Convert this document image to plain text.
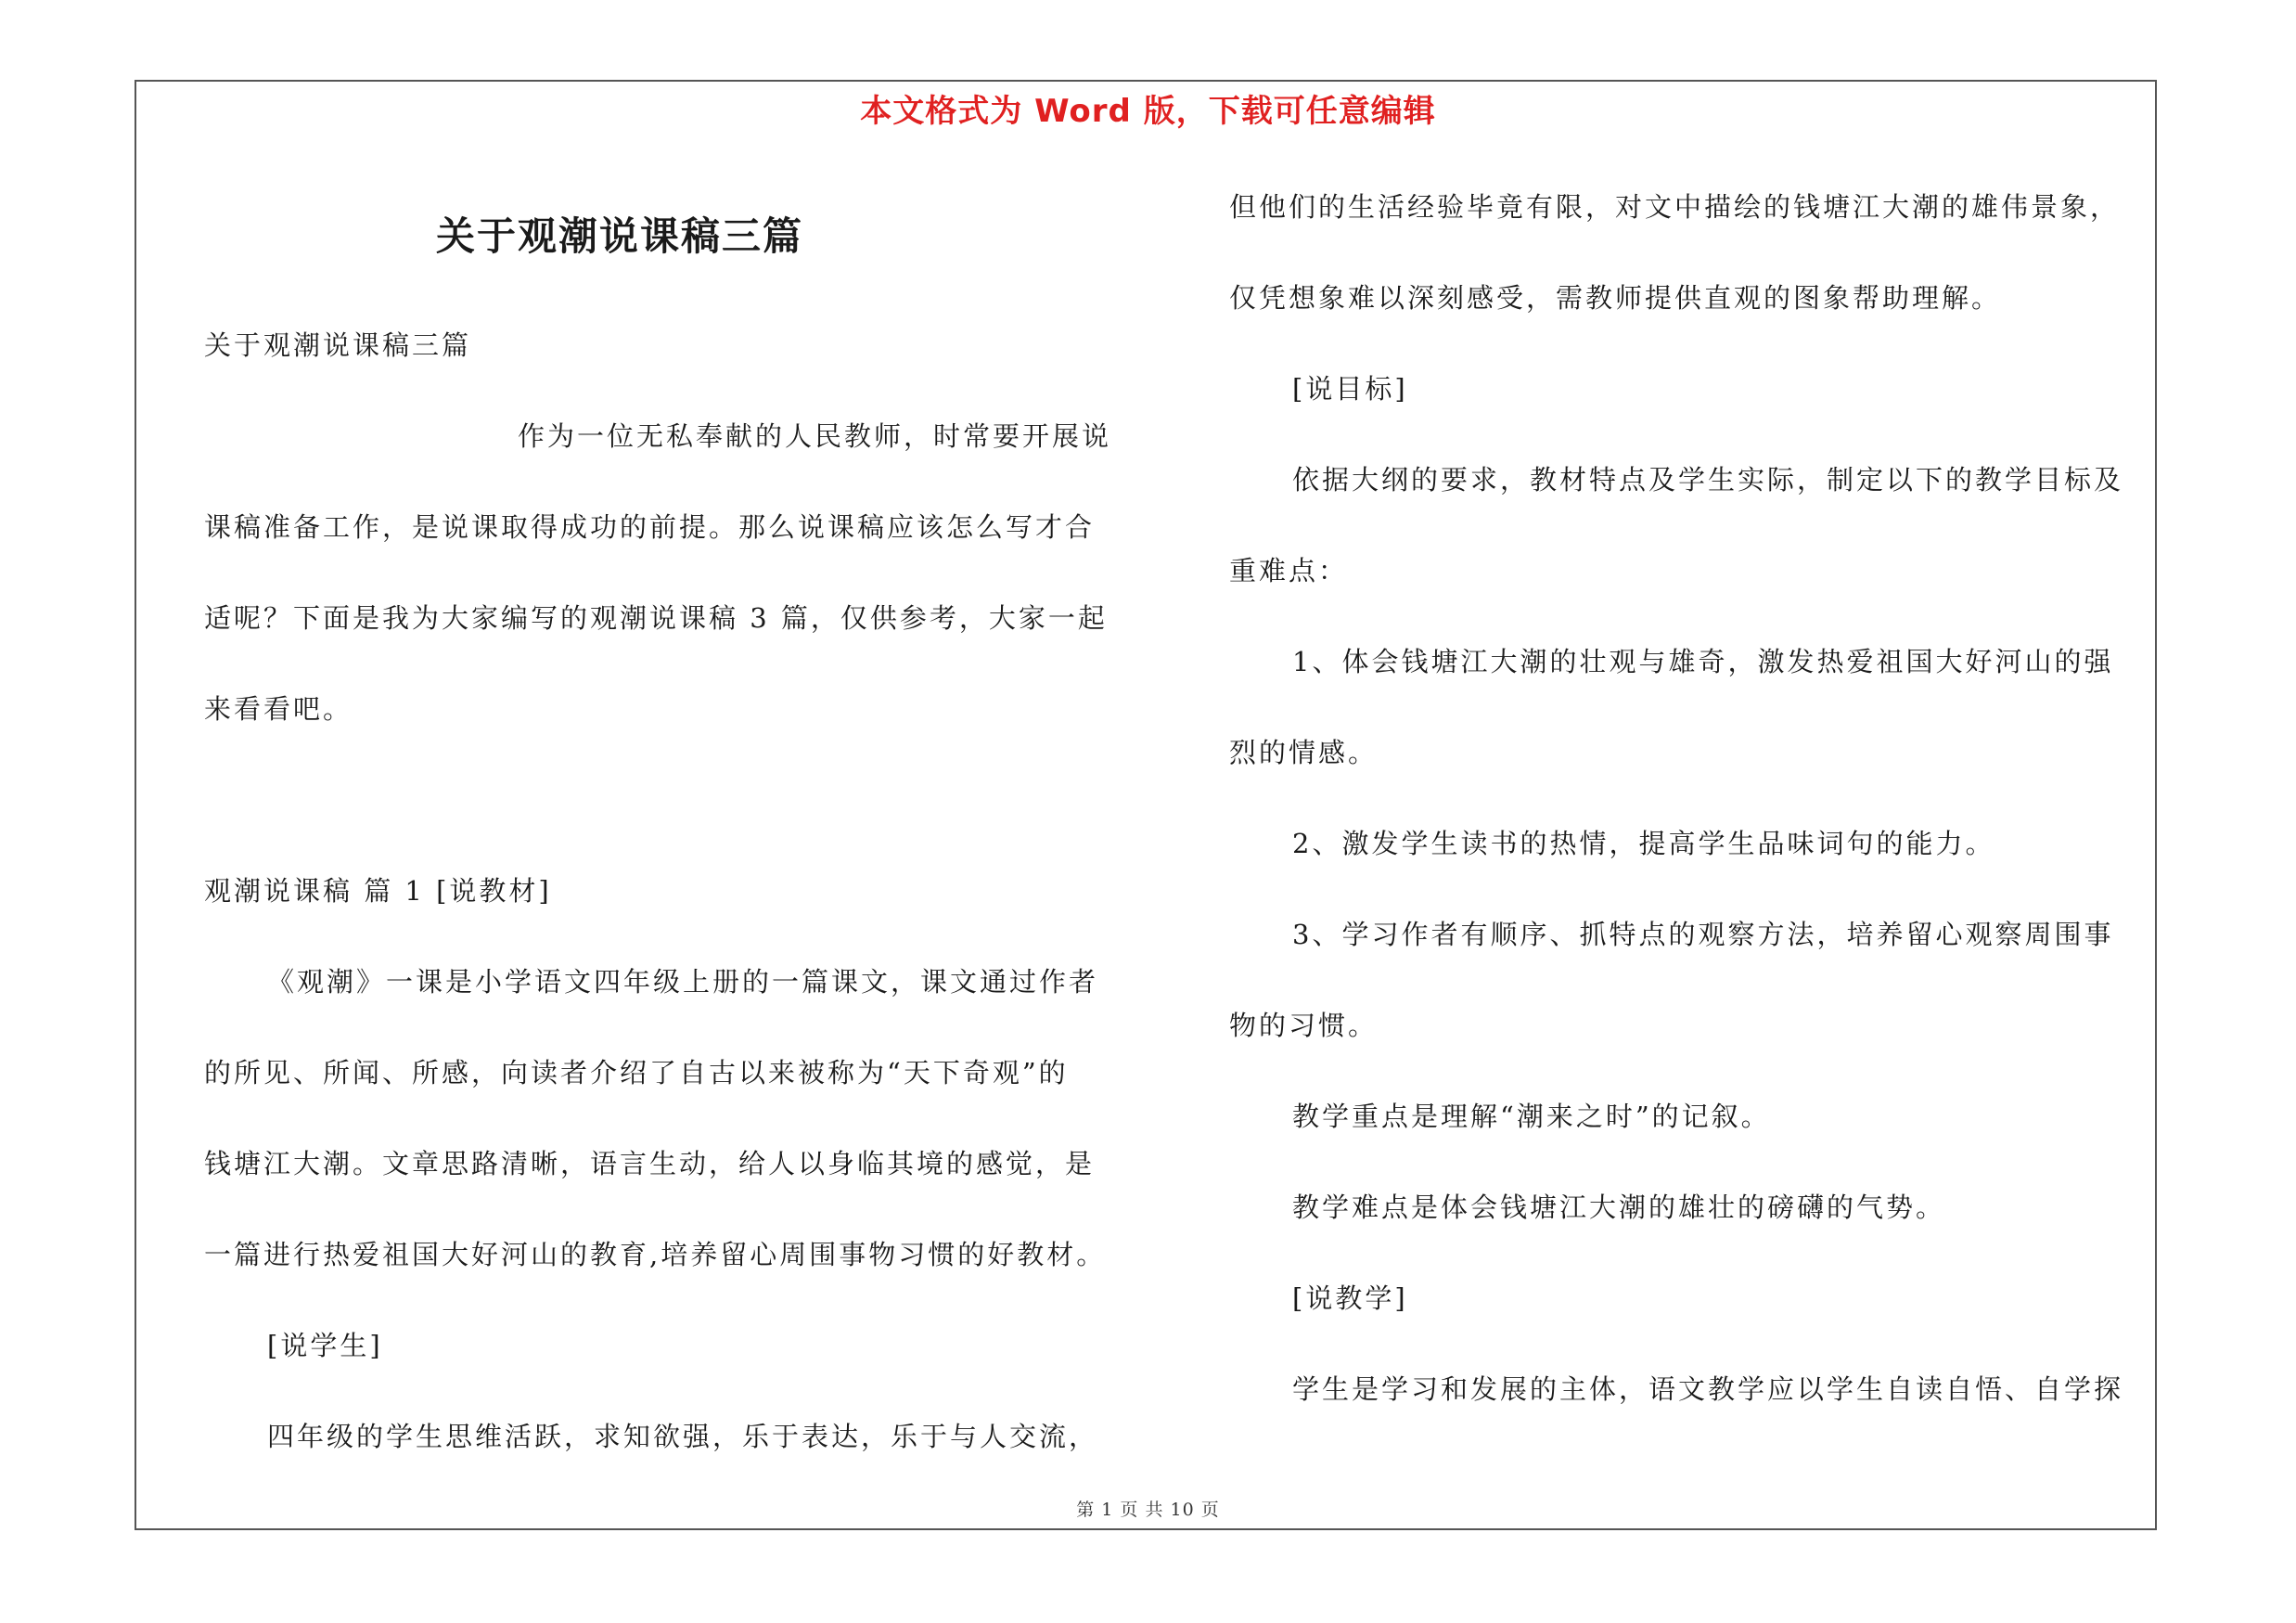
本文格式为 Word 版，下载可任意编辑
关于观潮说课稿三篇
关于观潮说课稿三篇
作为一位无私奉献的人民教师，时常要开展说
课稿准备工作，是说课取得成功的前提。那么说课稿应该怎么写才合
适呢？下面是我为大家编写的观潮说课稿 3 篇，仅供参考，大家一起
来看看吧。
观潮说课稿 篇 1 [说教材]
《观潮》一课是小学语文四年级上册的一篇课文，课文通过作者
的所见、所闻、所感，向读者介绍了自古以来被称为“天下奇观”的
钱塘江大潮。文章思路清晰，语言生动，给人以身临其境的感觉，是
一篇进行热爱祖国大好河山的教育,培养留心周围事物习惯的好教材。
[说学生]
四年级的学生思维活跃，求知欲强，乐于表达，乐于与人交流，
但他们的生活经验毕竟有限，对文中描绘的钱塘江大潮的雄伟景象，
仅凭想象难以深刻感受，需教师提供直观的图象帮助理解。
[说目标]
依据大纲的要求，教材特点及学生实际，制定以下的教学目标及
重难点：
1、体会钱塘江大潮的壮观与雄奇，激发热爱祖国大好河山的强
烈的情感。
2、激发学生读书的热情，提高学生品味词句的能力。
3、学习作者有顺序、抓特点的观察方法，培养留心观察周围事
物的习惯。
教学重点是理解“潮来之时”的记叙。
教学难点是体会钱塘江大潮的雄壮的磅礴的气势。
[说教学]
学生是学习和发展的主体，语文教学应以学生自读自悟、自学探
第 1 页 共 10 页
